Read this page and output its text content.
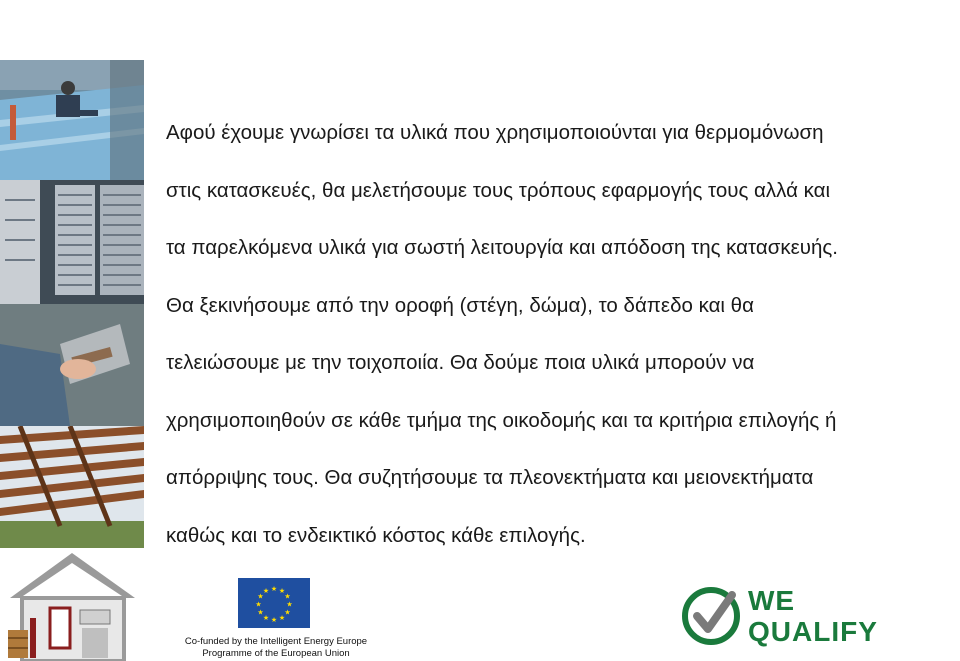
Αφού έχουμε γνωρίσει τα υλικά που χρησιμοποιούνται για θερμομόνωση
στις κατασκευές, θα μελετήσουμε τους τρόπους εφαρμογής τους αλλά και
τα παρελκόμενα υλικά για σωστή λειτουργία και απόδοση της κατασκευής.
Θα ξεκινήσουμε από την οροφή (στέγη, δώμα), το δάπεδο και θα
τελειώσουμε με την τοιχοποιία. Θα δούμε ποια υλικά μπορούν να
χρησιμοποιηθούν σε κάθε τμήμα της οικοδομής και τα κριτήρια επιλογής ή
απόρριψης τους. Θα συζητήσουμε τα πλεονεκτήματα και μειονεκτήματα
καθώς και το ενδεικτικό κόστος κάθε επιλογής.
★ ★
★
★
★
★
★
★
★
★
★
★
Co-funded by the Intelligent Energy Europe
Programme of the European Union
WE
QUALIFY
